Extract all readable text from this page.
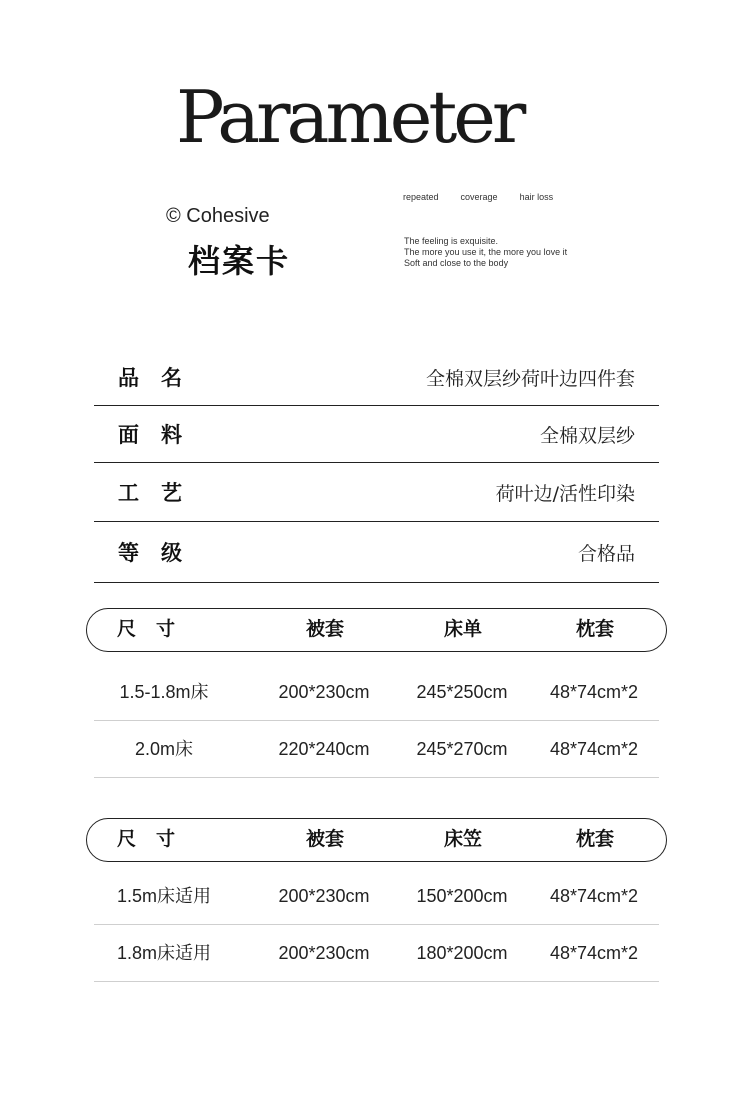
Parameter
© Cohesive
档案卡
repeated coverage hair loss
The feeling is exquisite.
The more you use it, the more you love it
Soft and close to the body
品名	全棉双层纱荷叶边四件套
面料	全棉双层纱
工艺	荷叶边/活性印染
等级	合格品
尺寸	被套	床单	枕套
1.5-1.8m床	200*230cm	245*250cm	48*74cm*2
2.0m床	220*240cm	245*270cm	48*74cm*2
尺寸	被套	床笠	枕套
1.5m床适用	200*230cm	150*200cm	48*74cm*2
1.8m床适用	200*230cm	180*200cm	48*74cm*2
